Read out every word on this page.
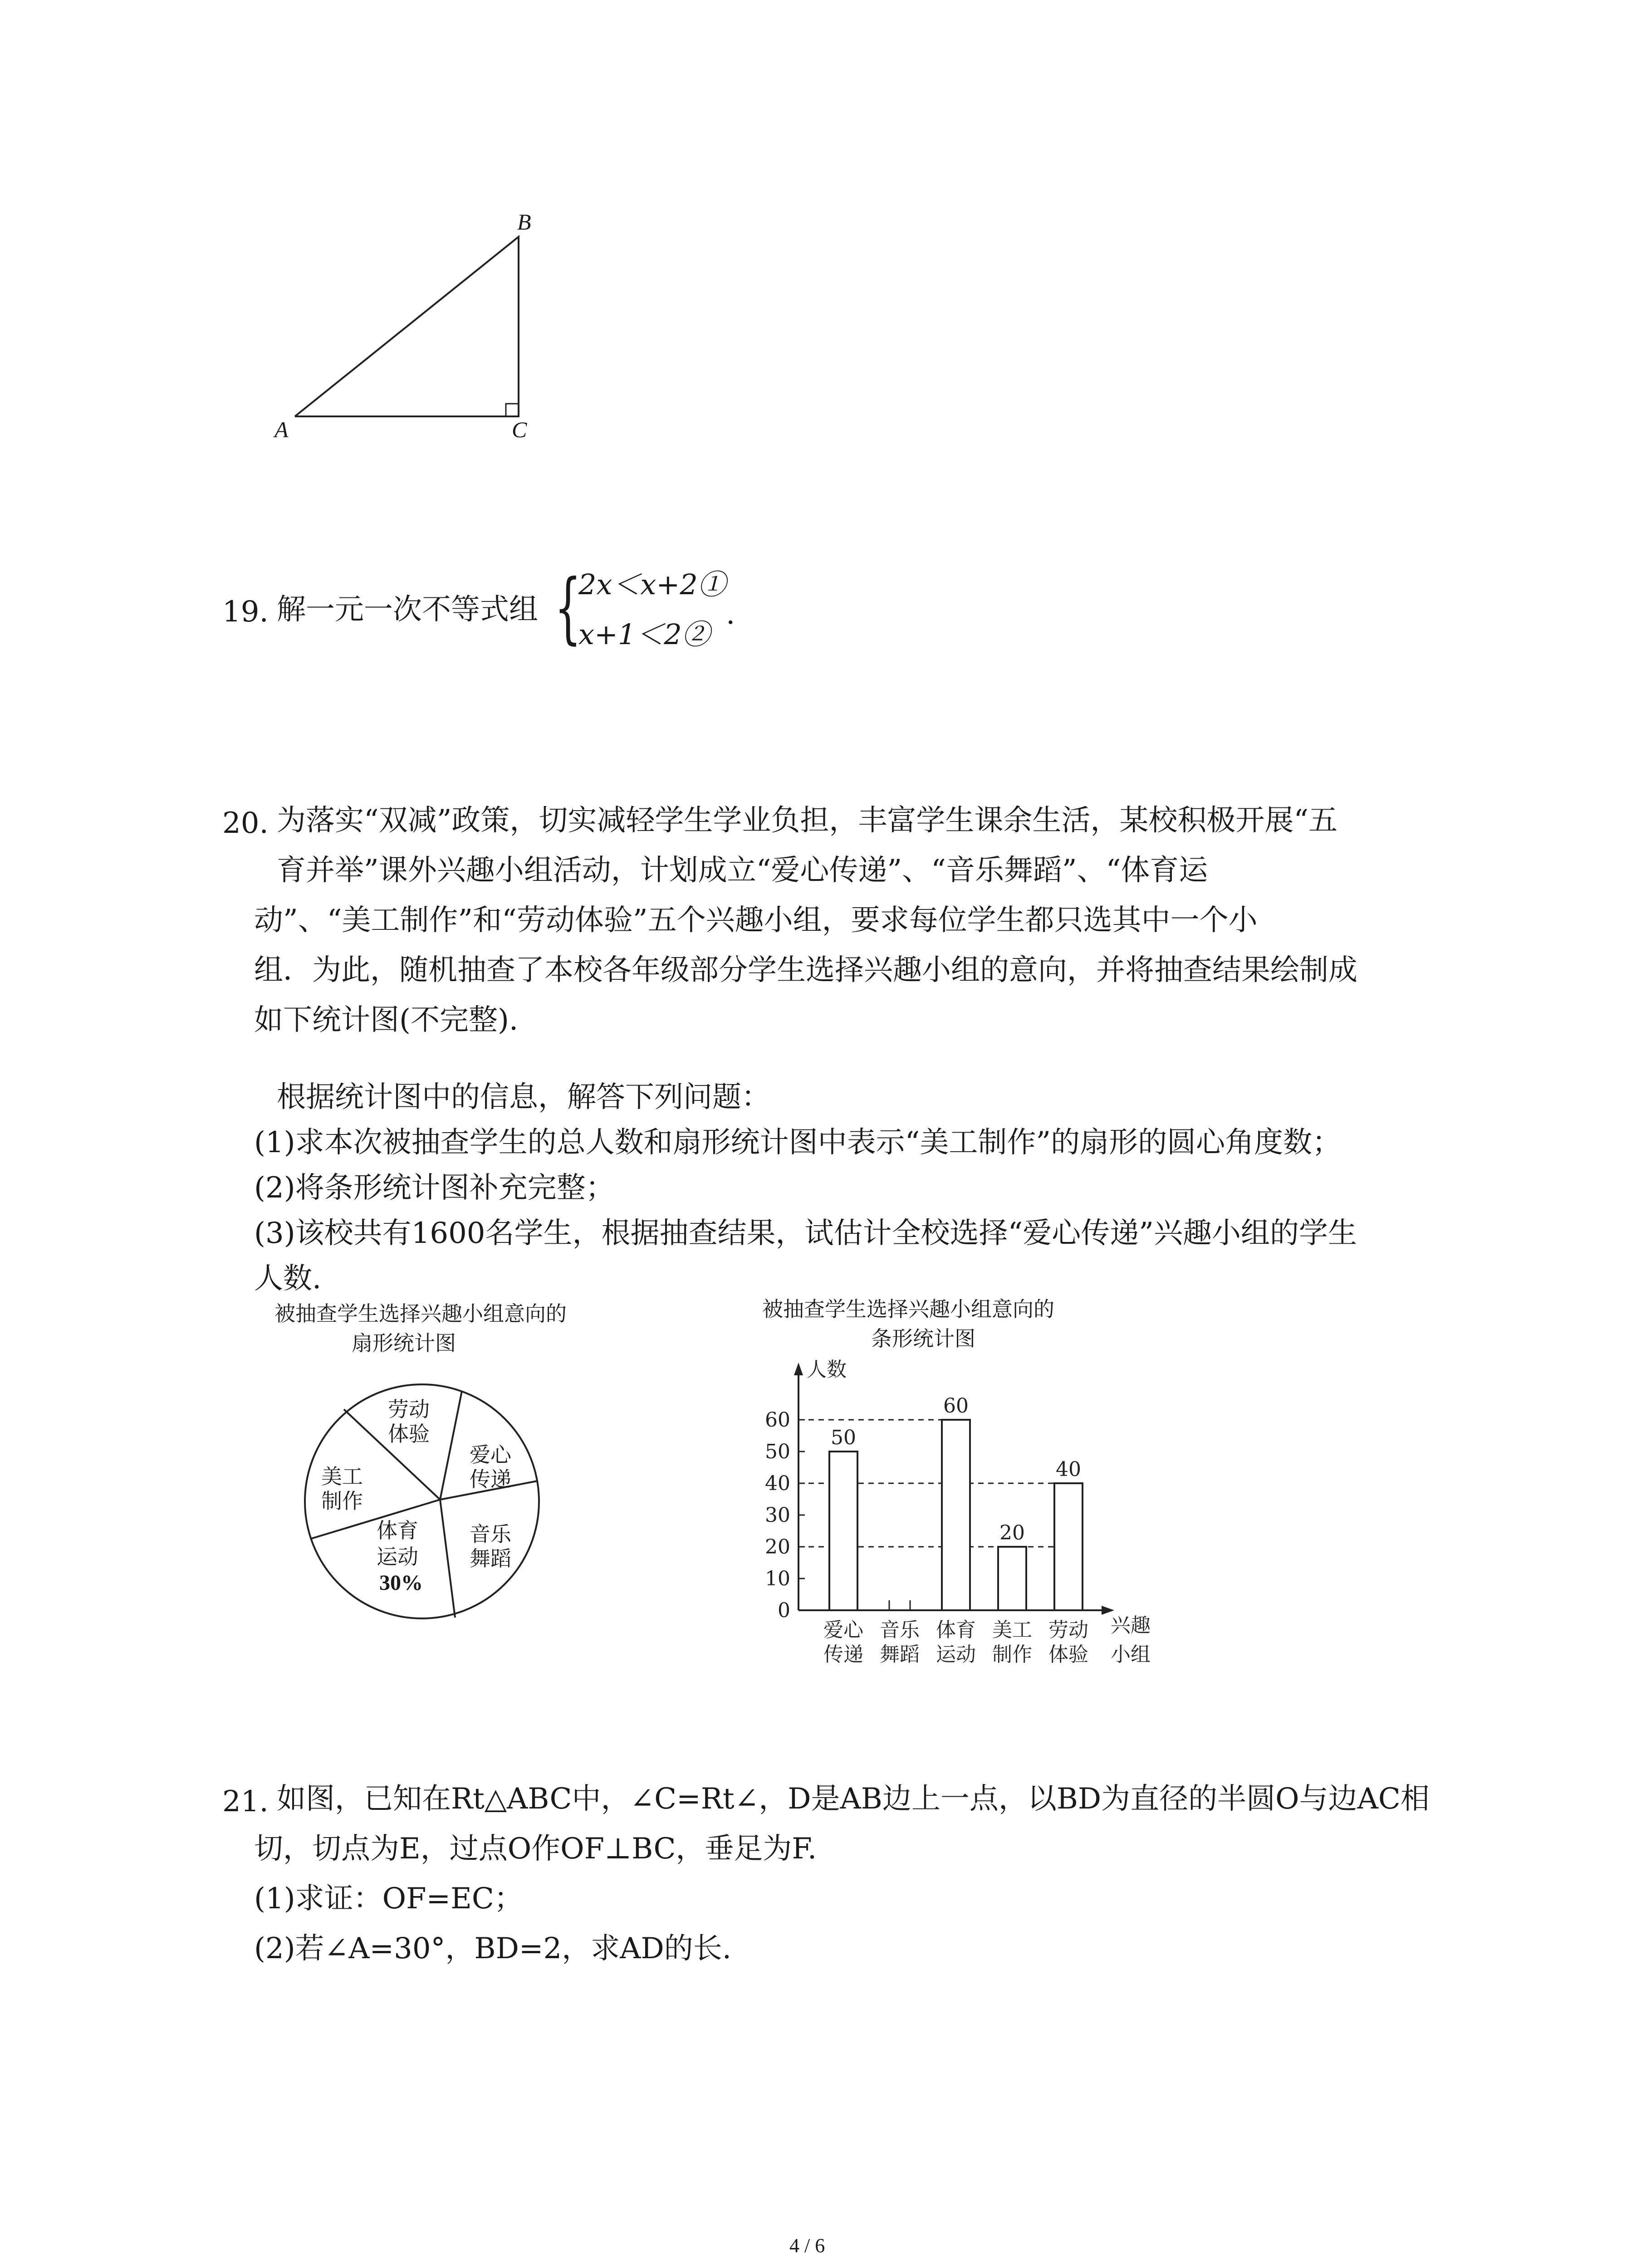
B
A	C
19. 解一元一次不等式组 {
2x＜x+2①
x+1＜2②
.
20. 为落实“双减”政策，切实减轻学生学业负担，丰富学生课余生活，某校积极开展“五
育并举”课外兴趣小组活动，计划成立“爱心传递”、“音乐舞蹈”、“体育运
动”、“美工制作”和“劳动体验”五个兴趣小组，要求每位学生都只选其中一个小
组．为此，随机抽查了本校各年级部分学生选择兴趣小组的意向，并将抽查结果绘制成
如下统计图(不完整).
根据统计图中的信息，解答下列问题：
(1)求本次被抽查学生的总人数和扇形统计图中表示“美工制作”的扇形的圆心角度数；
(2)将条形统计图补充完整；
(3)该校共有1600名学生，根据抽查结果，试估计全校选择“爱心传递”兴趣小组的学生
人数.
被抽查学生选择兴趣小组意向的
扇形统计图
劳动
体验
爱心
传递
音乐
舞蹈
体育
运动
30%
美工
制作
被抽查学生选择兴趣小组意向的
条形统计图
0
10
20
30
40
50
60
人数
50
爱心
传递
音乐
舞蹈
60
体育
运动
20
美工
制作
40
劳动
体验
兴趣
小组
21. 如图，已知在Rt△ABC中，∠C=Rt∠，D是AB边上一点，以BD为直径的半圆O与边AC相
切，切点为E，过点O作OF⊥BC，垂足为F.
(1)求证：OF=EC；
(2)若∠A=30°，BD=2，求AD的长.
4 / 6
